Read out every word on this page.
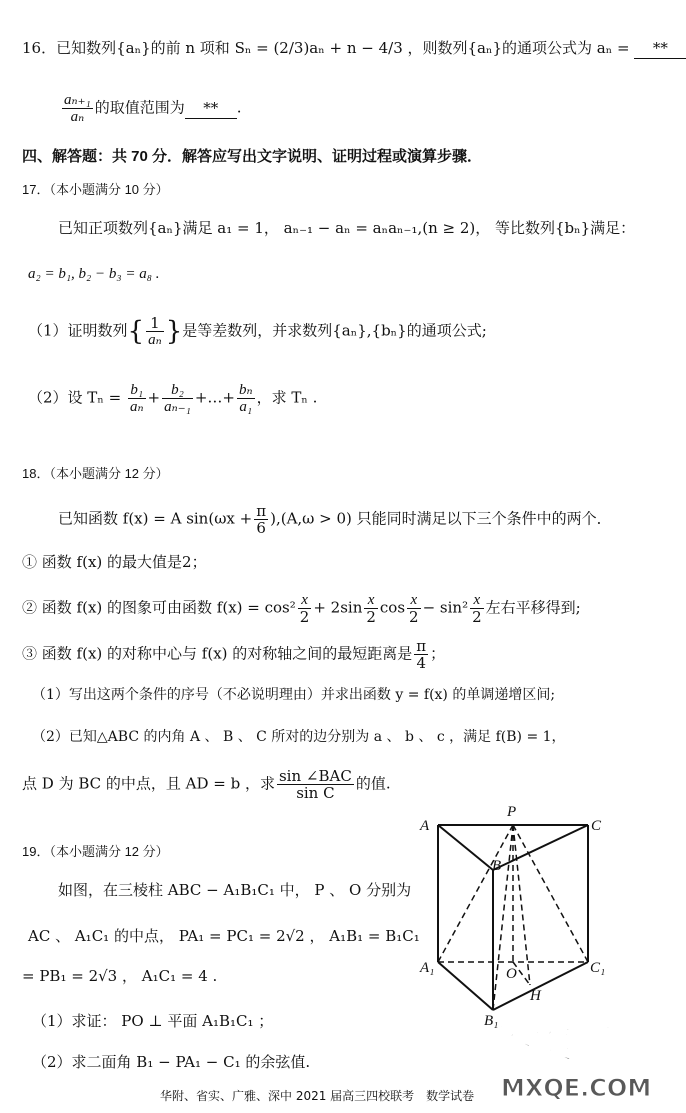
16．已知数列{aₙ}的前 n 项和 Sₙ = (2/3)aₙ + n − 4/3 ，则数列{aₙ}的通项公式为 aₙ = **
$\frac{\text{aₙ₊₁}}{\text{aₙ}}$ 的取值范围为 ** .
四、解答题：共 70 分．解答应写出文字说明、证明过程或演算步骤．
17．（本小题满分 10 分）
已知正项数列{aₙ}满足 a₁ = 1， aₙ₋₁ − aₙ = aₙaₙ₋₁,(n ≥ 2)， 等比数列{bₙ}满足：
a₂ = b₁, b₂ − b₃ = a₈ .
（1）证明数列{ $\frac{1}{\text{aₙ}}$ }是等差数列，并求数列{aₙ},{bₙ}的通项公式;
（2）设 $T_n = \frac{\text{b₁}}{\text{aₙ}} + \frac{\text{b₂}}{\text{aₙ₋₁}}$ +…+ $\frac{\text{bₙ}}{\text{a₁}}$ ，求 Tₙ .
18．（本小题满分 12 分）
已知函数 f(x) = A $\sin(\omega x + \frac{\pi}{6} ),(A,\omega > 0)$ 只能同时满足以下三个条件中的两个．
① 函数 f(x) 的最大值是2；
② 函数 f(x) 的图象可由函数 $f(x) = \cos^2 \frac{x}{2} + 2\sin \frac{x}{2}$ $\cos \frac{x}{2} - \sin^2 \frac{x}{2}$ 左右平移得到;
③ 函数 f(x) 的对称中心与 f(x) 的对称轴之间的最短距离是 $\frac{\pi}{4}$ ；
（1）写出这两个条件的序号（不必说明理由）并求出函数 y = f(x) 的单调递增区间;
（2）已知△ABC 的内角 A 、 B 、 C 所对的边分别为 a 、 b 、 c ，满足 f(B) = 1，
点 D 为 BC 的中点，且 AD = b ，求 $\frac{\text{sin ∠BAC}}{\text{sin C}}$ 的值.
19．（本小题满分 12 分）
如图，在三棱柱 ABC − A₁B₁C₁ 中， P 、 O 分别为
AC 、 A₁C₁ 的中点， PA₁ = PC₁ = 2√2 ， A₁B₁ = B₁C₁
= PB₁ = 2√3 ， A₁C₁ = 4 .
（1）求证： PO ⊥ 平面 A₁B₁C₁ ；
（2）求二面角 B₁ − PA₁ − C₁ 的余弦值.
P
A	C
B
A₁	O	C₁
H
B₁
华附、省实、广雅、深中 2021 届高三四校联考　数学试卷
答案圈
MXQE.COM
